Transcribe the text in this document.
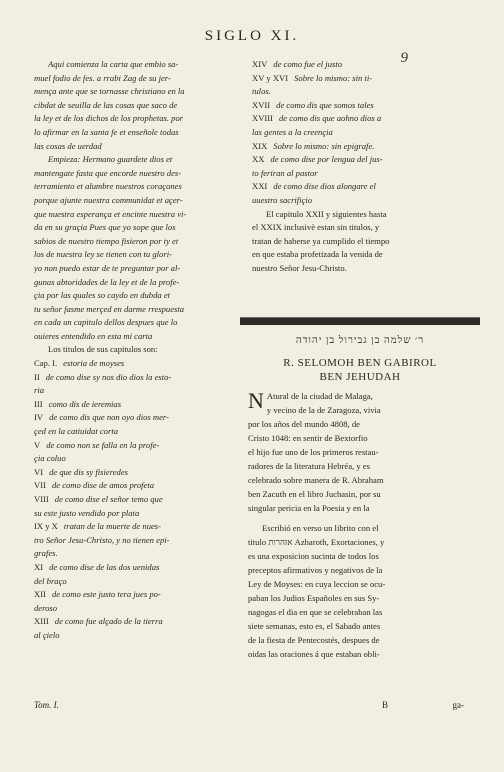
SIGLO XI.
9
Aqui comienza la carta que embio sa-
muel fodio de fes. a rrabi Zag de su jer-
mença ante que se tornasse christiano en la
cibdat de seuilla de las cosas que saco de
la ley et de los dichos de los prophetas. por
lo afirmar en la santa fe et enseñole todas
las cosas de uerdad
Empieza: Hermano guardete dios et
mantengate fasta que encorde nuestro des-
terramiento et alumbre nuestros coraçones
porque ajunte nuestra communidat et açer-
que nuestra esperança et encinte nuestra vi-
da en su graçia Pues que yo sope que los
sabios de nuestro tiempo fisieron por ty et
los de nuestra ley se tienen con tu glori-
yo non puedo estar de te preguntar por al-
gunas abtoridades de la ley et de la profe-
çia por las quales so caydo en dubda et
tu señor fasme merçed en darme rrespuesta
en cada un capitulo dellos despues que lo
ouieres entendido en esta mi carta
Los titulos de sus capitulos son:
Cap. I. estoria de moyses
II de como dise sy nos dio dios la esto-
ria
III como dis de ieremias
IV de como dis que non oyo dios mer-
çed en la catiuidat corta
V de como non se falla en la profe-
çia coluo
VI de que dis sy fisieredes
VII de como dise de amos profeta
VIII de como dise el señor temo que
su este justo vendido por plata
IX y X tratan de la muerte de nues-
tro Señor Jesu-Christo, y no tienen epi-
grafes.
XI de como dise de las dos uenidas
del braço
XII de como este justo tera jues po-
deroso
XIII de como fue alçado de la tierra
al çielo
XIV de como fue el justo
XV y XVI Sobre lo mismo: sin ti-
tulos.
XVII de como dis que somos tales
XVIII de como dis que aohno dios a
las gentes a la creençia
XIX Sobre lo mismo: sin epigrafe.
XX de como dise por lengua del jus-
to feriran al pastor
XXI de como dise dios alongare el
uuestro sacrifiçio
El capitulo XXII y siguientes hasta
el XXIX inclusivè estan sin titulos, y
tratan de haberse ya cumplido el tiempo
en que estaba profetizada la venida de
nuestro Señor Jesu-Christo.
ר׳ שלמה בן גבירול בן יהודה
R. SELOMOH BEN GABIROL
BEN JEHUDAH
N Atural de la ciudad de Malaga,
y vecino de la de Zaragoza, vivia
por los años del mundo 4808, de
Cristo 1048: en sentir de Bextorfio
el hijo fue uno de los primeros restau-
radores de la literatura Hebréa, y es
celebrado sobre manera de R. Abraham
ben Zacuth en el libro Juchasin, por su
singular pericia en la Poesia y en la
Escribió en verso un librito con el
titulo אזהרות Azharoth, Exortaciones, y
es una exposicion sucinta de todos los
preceptos afirmativos y negativos de la
Ley de Moyses: en cuya leccion se ocu-
paban los Judios Españoles en sus Sy-
nagogas el dia en que se celebraban las
siete semanas, esto es, el Sabado antes
de la fiesta de Pentecostés, despues de
oidas las oraciones á que estaban obli-
Tom. I.	B	ga-
